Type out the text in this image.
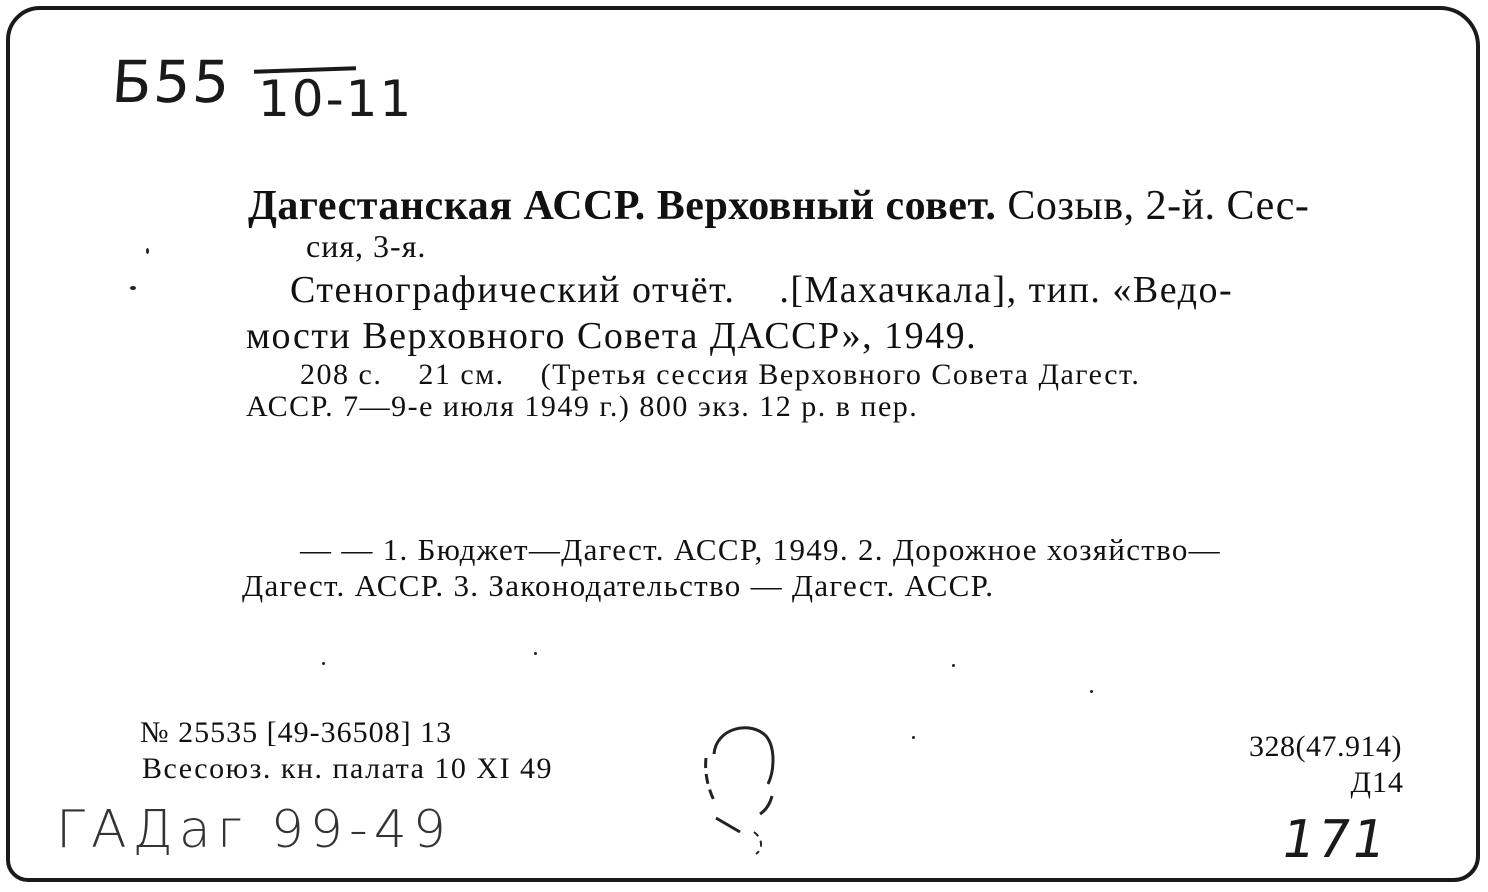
Б55 10-11
Дагестанская АССР. Верховный совет. Созыв, 2-й. Сес-
сия, 3-я.
Стенографический отчёт.    .[Махачкала], тип. «Ведо-
мости Верховного Совета ДАССР», 1949.
208 с.    21 см.    (Третья сессия Верховного Совета Дагест.
АССР. 7—9-е июля 1949 г.) 800 экз. 12 р. в пер.
— — 1. Бюджет—Дагест. АССР, 1949. 2. Дорожное хозяйство—
Дагест. АССР. 3. Законодательство — Дагест. АССР.
№ 25535 [49-36508] 13
Всесоюз. кн. палата 10 XI 49
328(47.914)
Д14
ГАДаг 99-49	171
